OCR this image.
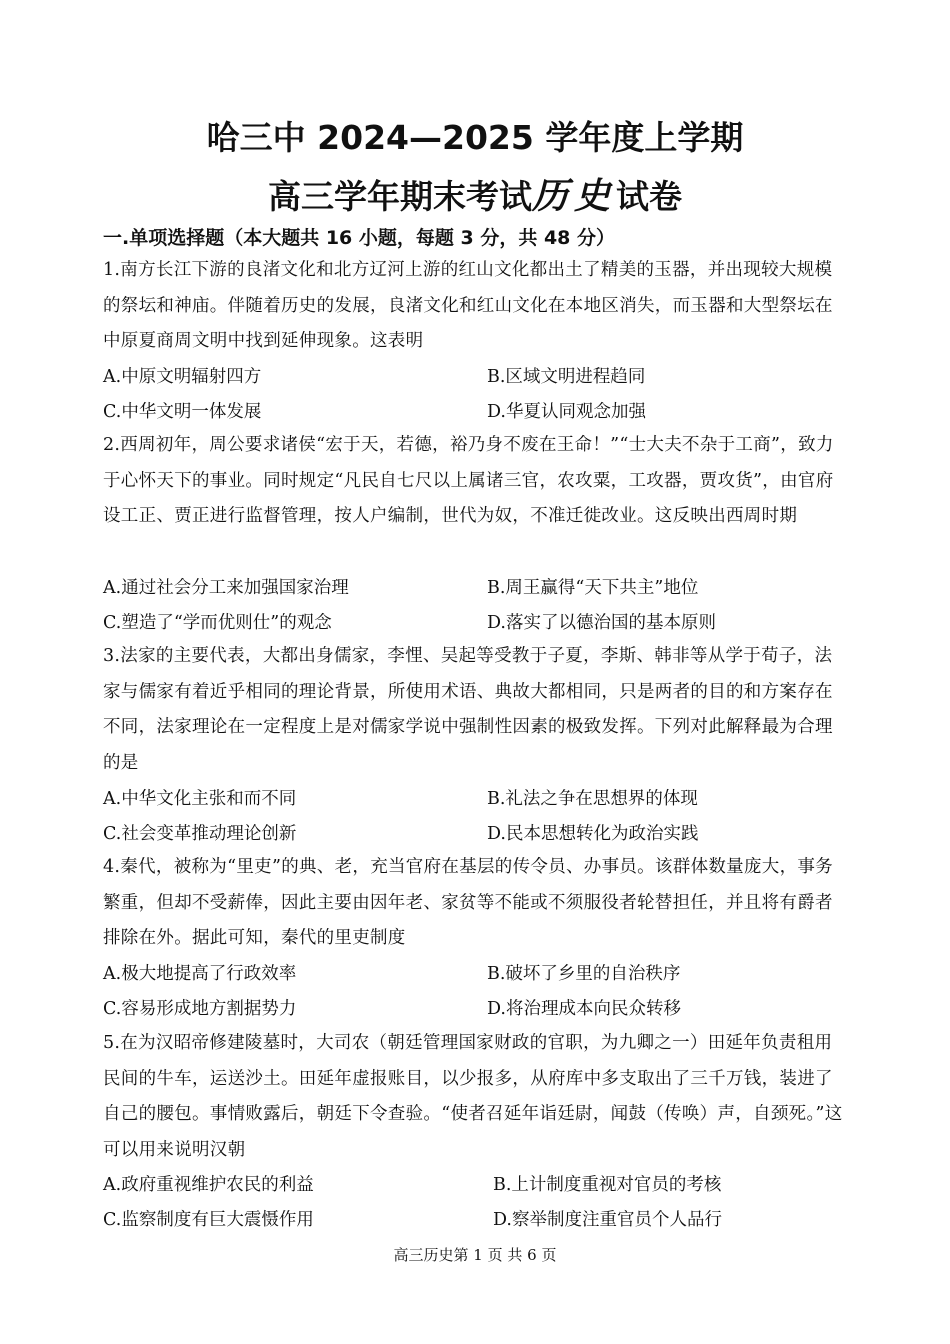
哈三中 2024—2025 学年度上学期
高三学年期末考试历史试卷
一.单项选择题（本大题共 16 小题，每题 3 分，共 48 分）
1.南方长江下游的良渚文化和北方辽河上游的红山文化都出土了精美的玉器，并出现较大规模的祭坛和神庙。伴随着历史的发展，良渚文化和红山文化在本地区消失，而玉器和大型祭坛在中原夏商周文明中找到延伸现象。这表明
A.中原文明辐射四方	B.区域文明进程趋同
C.中华文明一体发展	D.华夏认同观念加强
2.西周初年，周公要求诸侯“宏于天，若德，裕乃身不废在王命！”“士大夫不杂于工商”，致力于心怀天下的事业。同时规定“凡民自七尺以上属诸三官，农攻粟，工攻器，贾攻货”，由官府设工正、贾正进行监督管理，按人户编制，世代为奴，不准迁徙改业。这反映出西周时期
A.通过社会分工来加强国家治理	B.周王赢得“天下共主”地位
C.塑造了“学而优则仕”的观念	D.落实了以德治国的基本原则
3.法家的主要代表，大都出身儒家，李悝、吴起等受教于子夏，李斯、韩非等从学于荀子，法家与儒家有着近乎相同的理论背景，所使用术语、典故大都相同，只是两者的目的和方案存在不同，法家理论在一定程度上是对儒家学说中强制性因素的极致发挥。下列对此解释最为合理的是
A.中华文化主张和而不同	B.礼法之争在思想界的体现
C.社会变革推动理论创新	D.民本思想转化为政治实践
4.秦代，被称为“里吏”的典、老，充当官府在基层的传令员、办事员。该群体数量庞大，事务繁重，但却不受薪俸，因此主要由因年老、家贫等不能或不须服役者轮替担任，并且将有爵者排除在外。据此可知，秦代的里吏制度
A.极大地提高了行政效率	B.破坏了乡里的自治秩序
C.容易形成地方割据势力	D.将治理成本向民众转移
5.在为汉昭帝修建陵墓时，大司农（朝廷管理国家财政的官职，为九卿之一）田延年负责租用民间的牛车，运送沙土。田延年虚报账目，以少报多，从府库中多支取出了三千万钱，装进了自己的腰包。事情败露后，朝廷下令查验。“使者召延年诣廷尉，闻鼓（传唤）声，自颈死。”这可以用来说明汉朝
A.政府重视维护农民的利益	B.上计制度重视对官员的考核
C.监察制度有巨大震慑作用	D.察举制度注重官员个人品行
高三历史第 1 页 共 6 页
